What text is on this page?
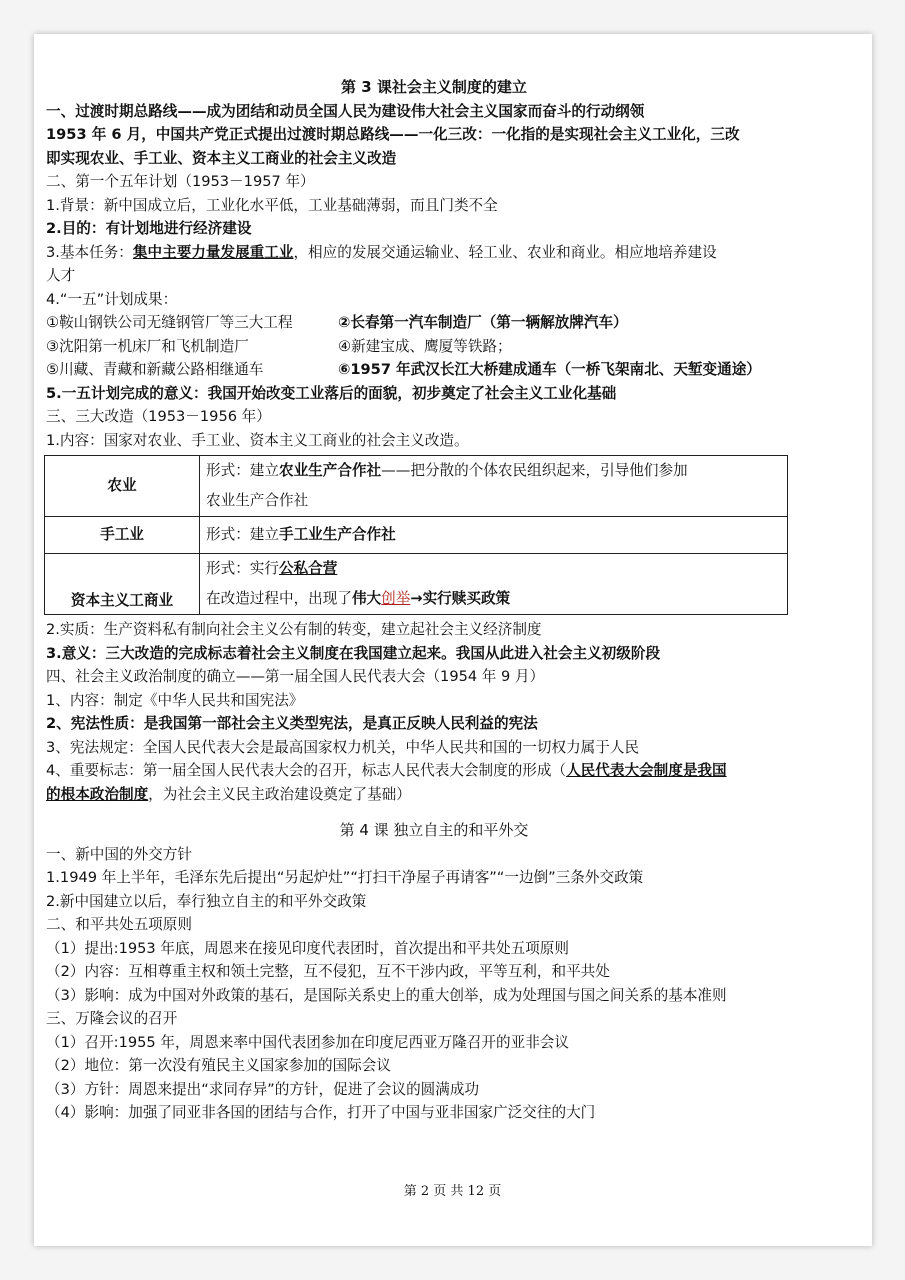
第 3 课社会主义制度的建立

一、过渡时期总路线——成为团结和动员全国人民为建设伟大社会主义国家而奋斗的行动纲领

1953 年 6 月，中国共产党正式提出过渡时期总路线——一化三改：一化指的是实现社会主义工业化，三改

即实现农业、手工业、资本主义工商业的社会主义改造

二、第一个五年计划（1953－1957 年）

1.背景：新中国成立后，工业化水平低，工业基础薄弱，而且门类不全

2.目的：有计划地进行经济建设

3.基本任务：集中主要力量发展重工业，相应的发展交通运输业、轻工业、农业和商业。相应地培养建设

人才

4.“一五”计划成果：

①鞍山钢铁公司无缝钢管厂等三大工程	②长春第一汽车制造厂（第一辆解放牌汽车）
③沈阳第一机床厂和飞机制造厂	④新建宝成、鹰厦等铁路；
⑤川藏、青藏和新藏公路相继通车	⑥1957 年武汉长江大桥建成通车（一桥飞架南北、天堑变通途）

5.一五计划完成的意义：我国开始改变工业落后的面貌，初步奠定了社会主义工业化基础

三、三大改造（1953－1956 年）

1.内容：国家对农业、手工业、资本主义工商业的社会主义改造。

农业	形式：建立农业生产合作社——把分散的个体农民组织起来，引导他们参加
农业生产合作社

手工业	形式：建立手工业生产合作社

资本主义工商业	形式：实行公私合营
在改造过程中，出现了伟大创举→实行赎买政策

2.实质：生产资料私有制向社会主义公有制的转变，建立起社会主义经济制度

3.意义：三大改造的完成标志着社会主义制度在我国建立起来。我国从此进入社会主义初级阶段

四、社会主义政治制度的确立——第一届全国人民代表大会（1954 年 9 月）

1、内容：制定《中华人民共和国宪法》

2、宪法性质：是我国第一部社会主义类型宪法，是真正反映人民利益的宪法

3、宪法规定：全国人民代表大会是最高国家权力机关，中华人民共和国的一切权力属于人民

4、重要标志：第一届全国人民代表大会的召开，标志人民代表大会制度的形成（人民代表大会制度是我国

的根本政治制度，为社会主义民主政治建设奠定了基础）

第 4 课 独立自主的和平外交

一、新中国的外交方针

1.1949 年上半年，毛泽东先后提出“另起炉灶”“打扫干净屋子再请客”“一边倒”三条外交政策

2.新中国建立以后，奉行独立自主的和平外交政策

二、和平共处五项原则

（1）提出:1953 年底，周恩来在接见印度代表团时，首次提出和平共处五项原则

（2）内容：互相尊重主权和领土完整，互不侵犯，互不干涉内政，平等互利，和平共处

（3）影响：成为中国对外政策的基石，是国际关系史上的重大创举，成为处理国与国之间关系的基本准则

三、万隆会议的召开

（1）召开:1955 年，周恩来率中国代表团参加在印度尼西亚万隆召开的亚非会议

（2）地位：第一次没有殖民主义国家参加的国际会议

（3）方针：周恩来提出“求同存异”的方针，促进了会议的圆满成功

（4）影响：加强了同亚非各国的团结与合作，打开了中国与亚非国家广泛交往的大门

第 2 页 共 12 页
